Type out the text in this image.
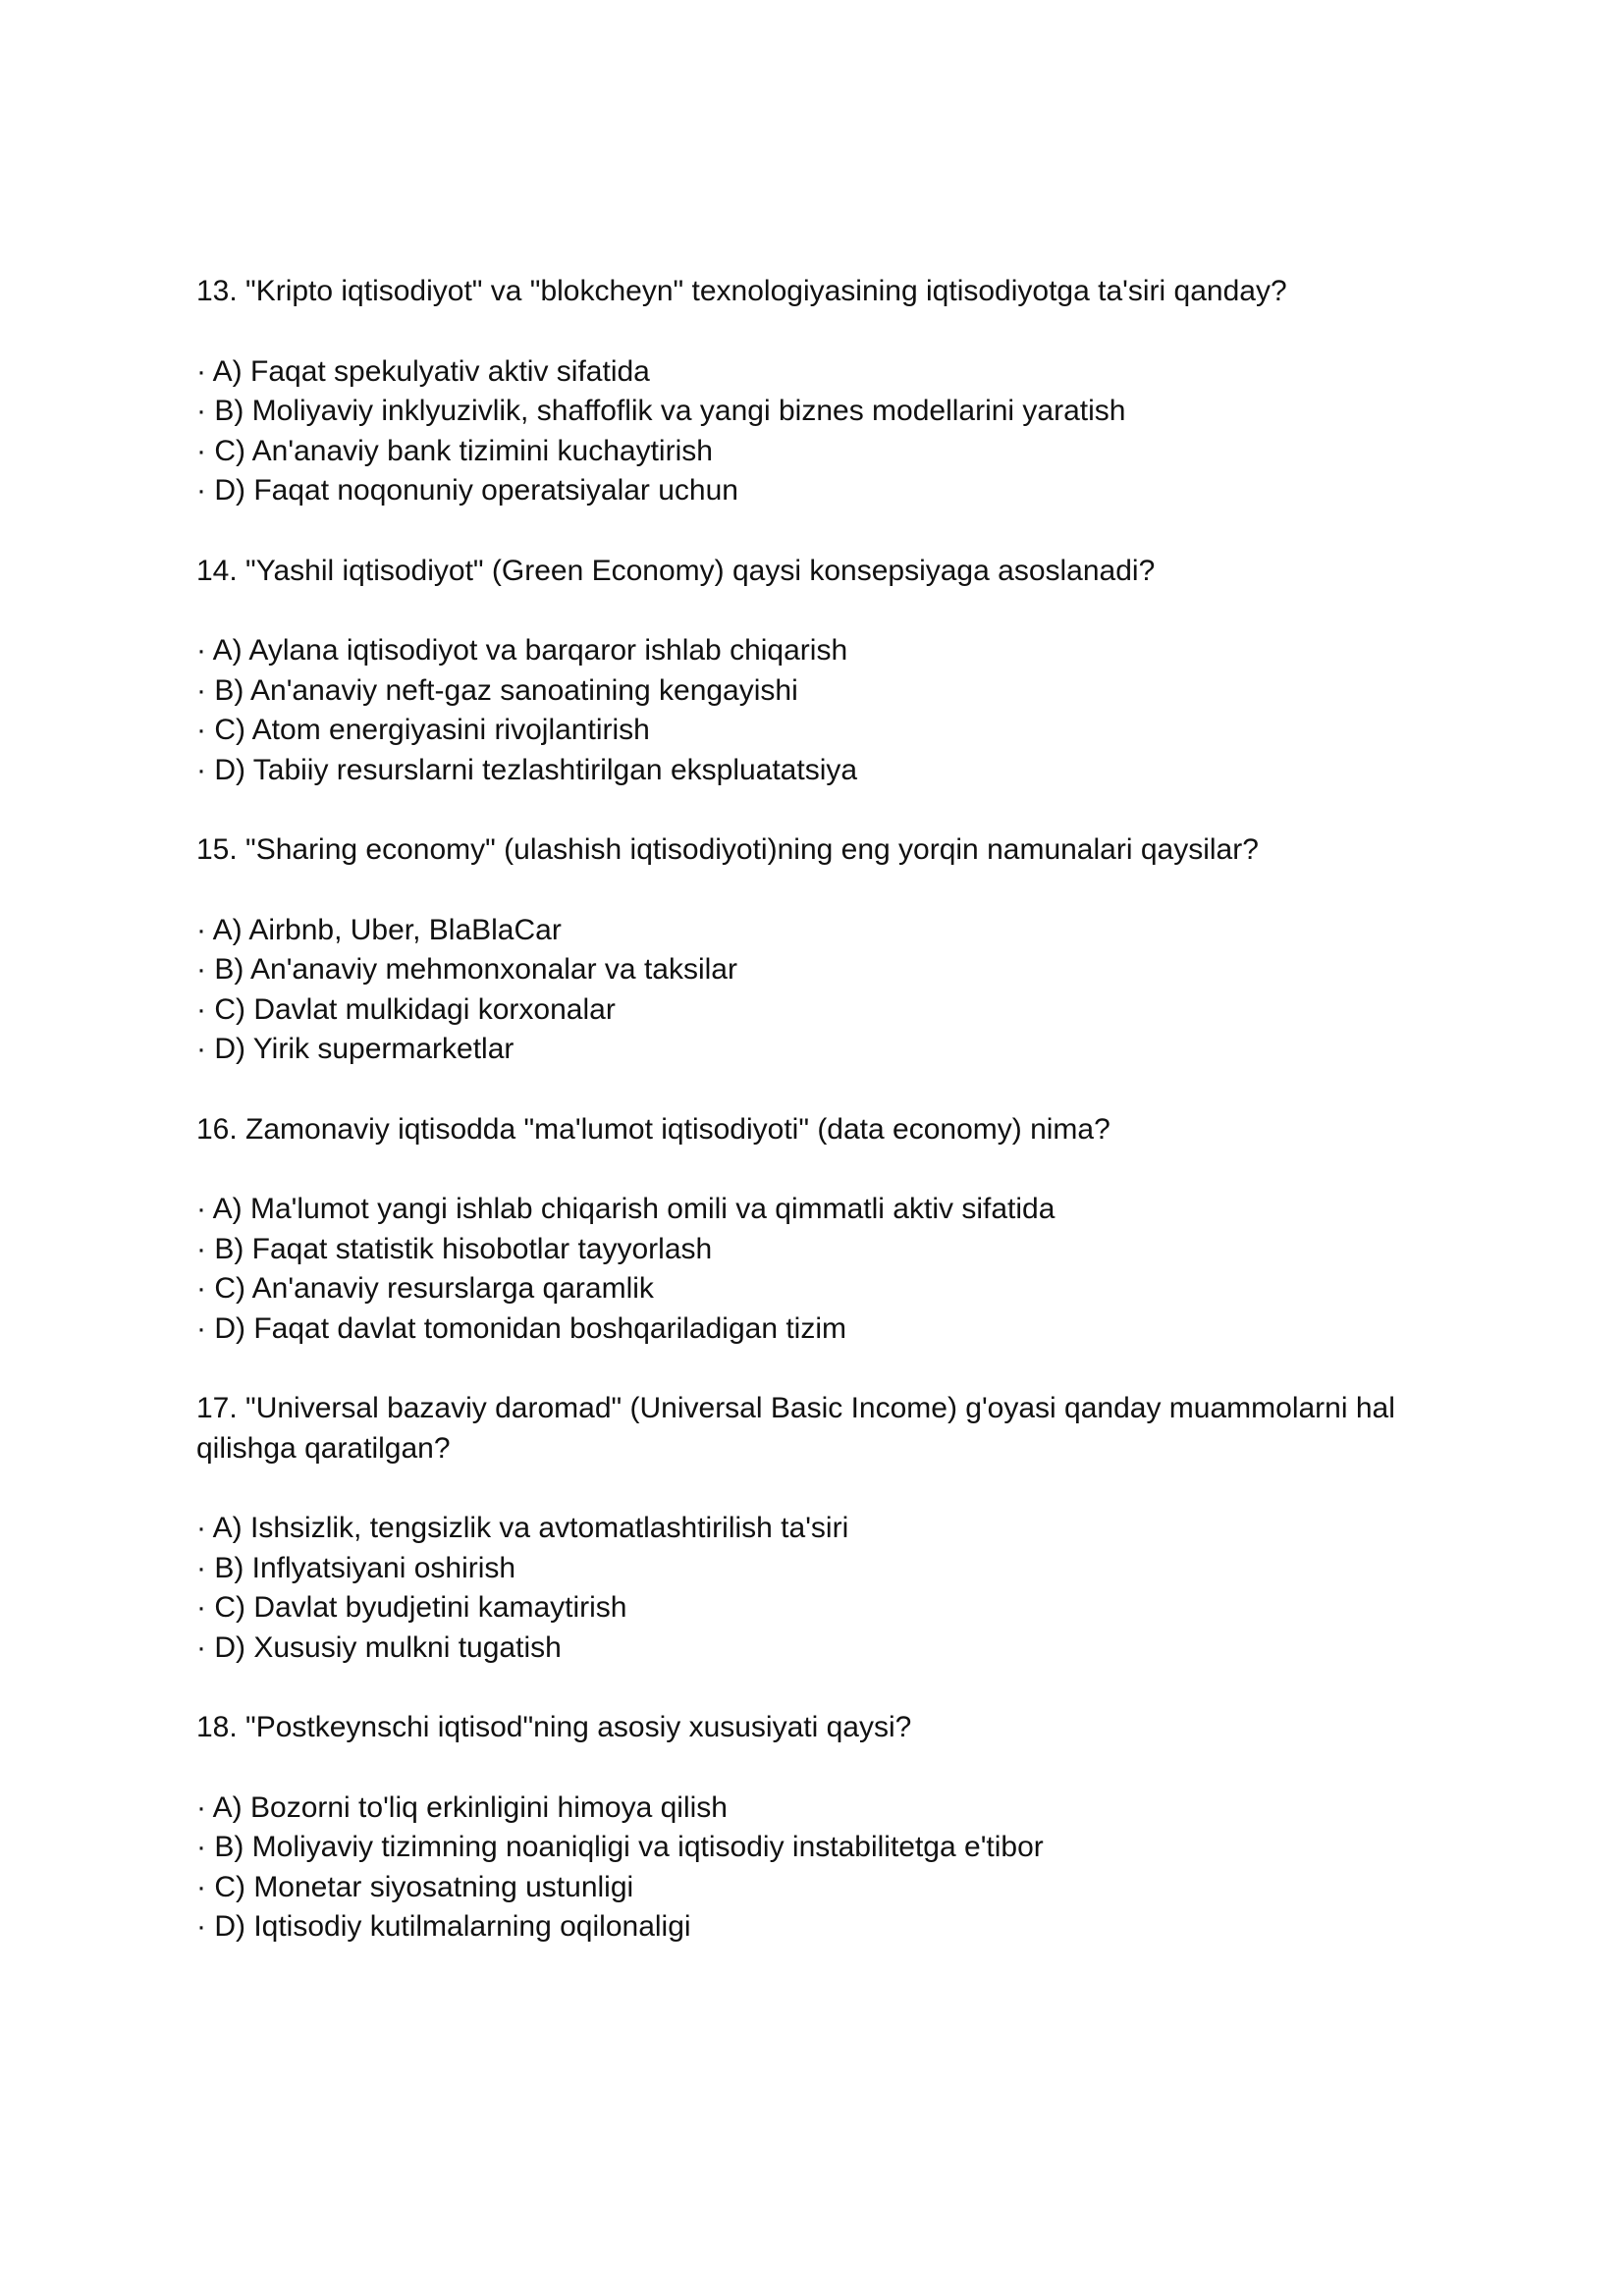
13. "Kripto iqtisodiyot" va "blokcheyn" texnologiyasining iqtisodiyotga ta'siri qanday?

· A) Faqat spekulyativ aktiv sifatida
· B) Moliyaviy inklyuzivlik, shaffoflik va yangi biznes modellarini yaratish
· C) An'anaviy bank tizimini kuchaytirish
· D) Faqat noqonuniy operatsiyalar uchun

14. "Yashil iqtisodiyot" (Green Economy) qaysi konsepsiyaga asoslanadi?

· A) Aylana iqtisodiyot va barqaror ishlab chiqarish
· B) An'anaviy neft-gaz sanoatining kengayishi
· C) Atom energiyasini rivojlantirish
· D) Tabiiy resurslarni tezlashtirilgan ekspluatatsiya

15. "Sharing economy" (ulashish iqtisodiyoti)ning eng yorqin namunalari qaysilar?

· A) Airbnb, Uber, BlaBlaCar
· B) An'anaviy mehmonxonalar va taksilar
· C) Davlat mulkidagi korxonalar
· D) Yirik supermarketlar

16. Zamonaviy iqtisodda "ma'lumot iqtisodiyoti" (data economy) nima?

· A) Ma'lumot yangi ishlab chiqarish omili va qimmatli aktiv sifatida
· B) Faqat statistik hisobotlar tayyorlash
· C) An'anaviy resurslarga qaramlik
· D) Faqat davlat tomonidan boshqariladigan tizim

17. "Universal bazaviy daromad" (Universal Basic Income) g'oyasi qanday muammolarni hal qilishga qaratilgan?

· A) Ishsizlik, tengsizlik va avtomatlashtirilish ta'siri
· B) Inflyatsiyani oshirish
· C) Davlat byudjetini kamaytirish
· D) Xususiy mulkni tugatish

18. "Postkeynschi iqtisod"ning asosiy xususiyati qaysi?

· A) Bozorni to'liq erkinligini himoya qilish
· B) Moliyaviy tizimning noaniqligi va iqtisodiy instabilitetga e'tibor
· C) Monetar siyosatning ustunligi
· D) Iqtisodiy kutilmalarning oqilonaligi
